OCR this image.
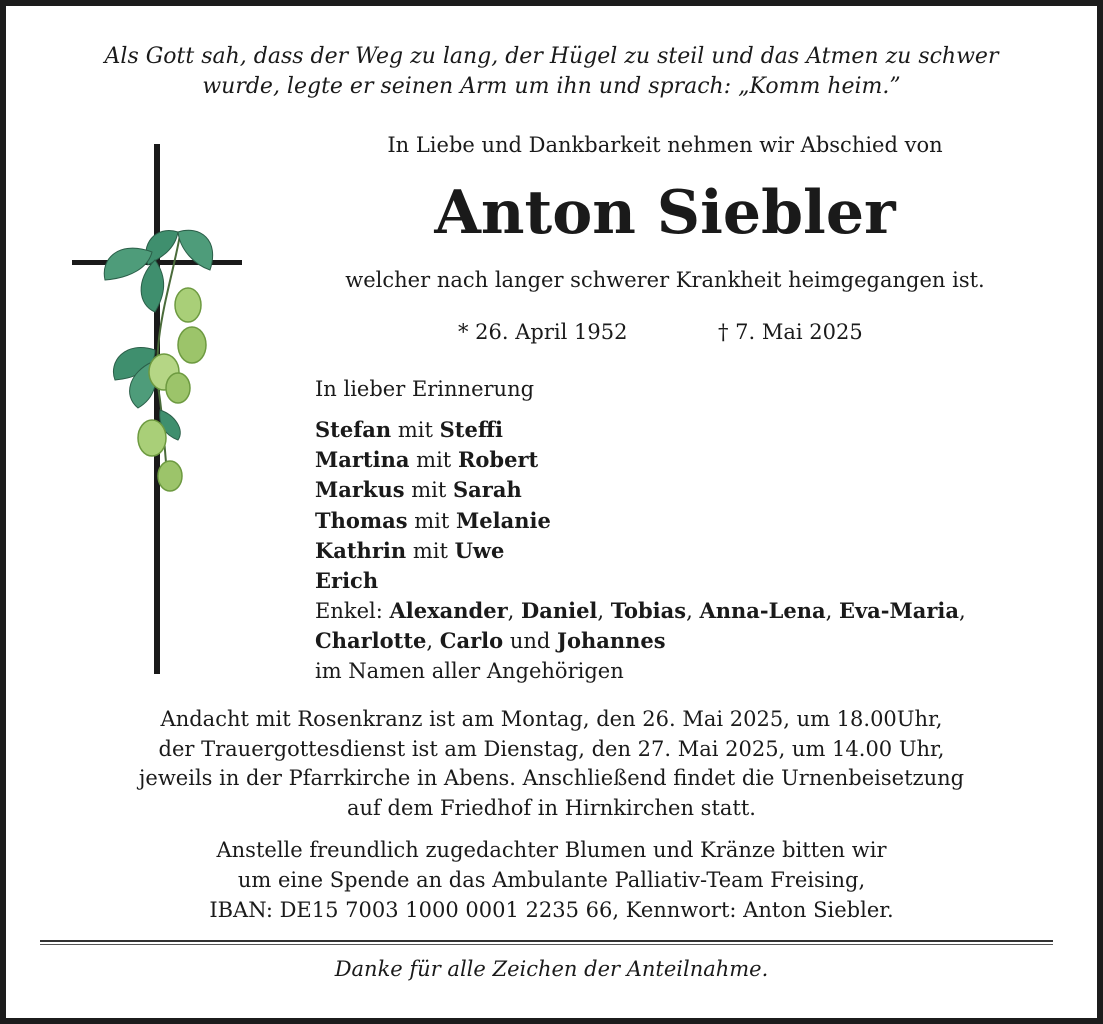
Als Gott sah, dass der Weg zu lang, der Hügel zu steil und das Atmen zu schwer
wurde, legte er seinen Arm um ihn und sprach: „Komm heim.”
In Liebe und Dankbarkeit nehmen wir Abschied von
Anton Siebler
welcher nach langer schwerer Krankheit heimgegangen ist.
* 26. April 1952	† 7. Mai 2025
In lieber Erinnerung
Stefan mit Steffi
Martina mit Robert
Markus mit Sarah
Thomas mit Melanie
Kathrin mit Uwe
Erich
Enkel: Alexander, Daniel, Tobias, Anna-Lena, Eva-Maria,
Charlotte, Carlo und Johannes
im Namen aller Angehörigen
Andacht mit Rosenkranz ist am Montag, den 26. Mai 2025, um 18.00Uhr,
der Trauergottesdienst ist am Dienstag, den 27. Mai 2025, um 14.00 Uhr,
jeweils in der Pfarrkirche in Abens. Anschließend findet die Urnenbeisetzung
auf dem Friedhof in Hirnkirchen statt.
Anstelle freundlich zugedachter Blumen und Kränze bitten wir
um eine Spende an das Ambulante Palliativ-Team Freising,
IBAN: DE15 7003 1000 0001 2235 66, Kennwort: Anton Siebler.
Danke für alle Zeichen der Anteilnahme.
